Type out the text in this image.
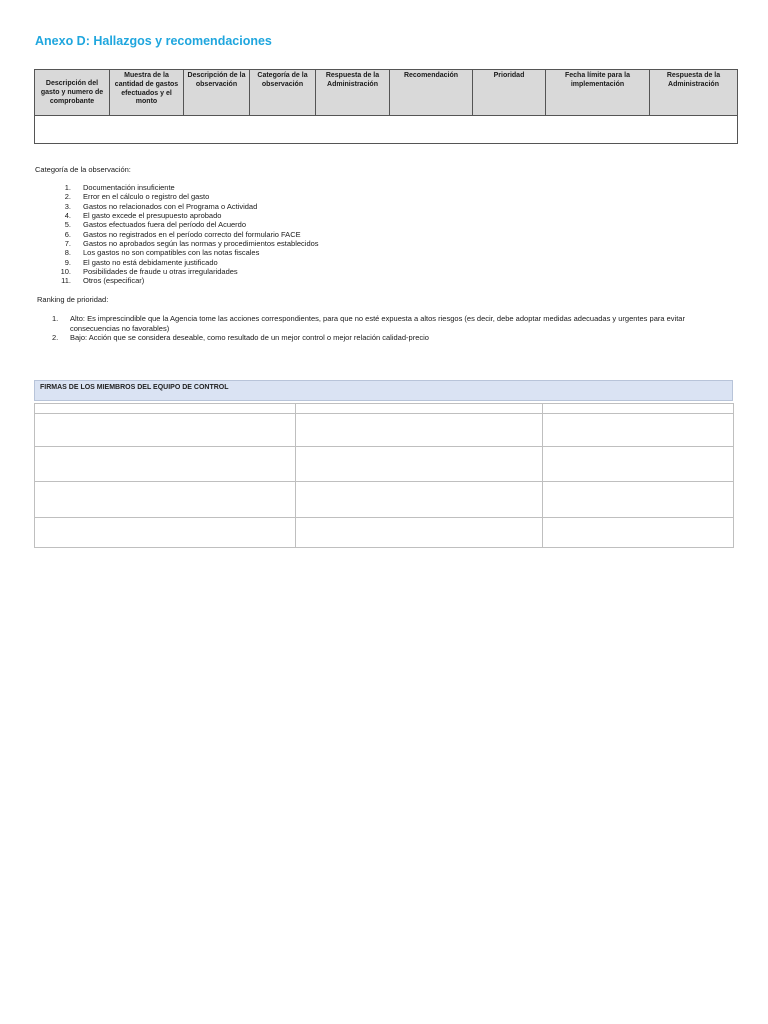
Anexo D: Hallazgos y recomendaciones
Descripción del gasto y numero de comprobante	Muestra de la cantidad de gastos efectuados y el monto	Descripción de la observación	Categoría de la observación	Respuesta de la Administración	Recomendación	Prioridad	Fecha límite para la implementación	Respuesta de la Administración

Categoría de la observación:

1. Documentación insuficiente
2. Error en el cálculo o registro del gasto
3. Gastos no relacionados con el Programa o Actividad
4. El gasto excede el presupuesto aprobado
5. Gastos efectuados fuera del período del Acuerdo
6. Gastos no registrados en el período correcto del formulario FACE
7. Gastos no aprobados según las normas y procedimientos establecidos
8. Los gastos no son compatibles con las notas fiscales
9. El gasto no está debidamente justificado
10. Posibilidades de fraude u otras irregularidades
11. Otros (especificar)

Ranking de prioridad:

1. Alto: Es imprescindible que la Agencia tome las acciones correspondientes, para que no esté expuesta a altos riesgos (es decir, debe adoptar medidas adecuadas y urgentes para evitar consecuencias no favorables)
2. Bajo: Acción que se considera deseable, como resultado de un mejor control o mejor relación calidad-precio
FIRMAS DE LOS MIEMBROS DEL EQUIPO DE CONTROL
